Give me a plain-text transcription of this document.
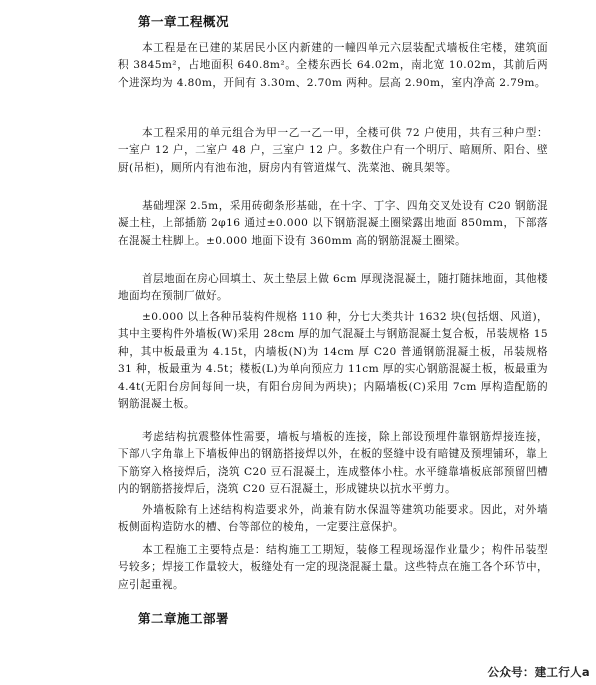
第一章工程概况

本工程是在已建的某居民小区内新建的一幢四单元六层装配式墙板住宅楼，建筑面积 3845m²，占地面积 640.8m²。全楼东西长 64.02m，南北宽 10.02m，其前后两个进深均为 4.80m，开间有 3.30m、2.70m 两种。层高 2.90m，室内净高 2.79m。

本工程采用的单元组合为甲一乙一乙一甲，全楼可供 72 户使用，共有三种户型：一室户 12 户，二室户 48 户，三室户 12 户。多数住户有一个明厅、暗厕所、阳台、壁厨(吊柜)，厕所内有池布池，厨房内有管道煤气、洗菜池、碗具架等。

基础埋深 2.5m，采用砖砌条形基础，在十字、丁字、四角交叉处设有 C20 钢筋混凝土柱，上部插筋 2φ16 通过±0.000 以下钢筋混凝土圈梁露出地面 850mm，下部落在混凝土柱脚上。±0.000 地面下设有 360mm 高的钢筋混凝土圈梁。

首层地面在房心回填土、灰土垫层上做 6cm 厚现浇混凝土，随打随抹地面，其他楼地面均在预制厂做好。

±0.000 以上各种吊装构件规格 110 种，分七大类共计 1632 块(包括烟、风道)，其中主要构件外墙板(W)采用 28cm 厚的加气混凝土与钢筋混凝土复合板，吊装规格 15 种，其中板最重为 4.15t，内墙板(N)为 14cm 厚 C20 普通钢筋混凝土板，吊装规格 31 种，板最重为 4.5t；楼板(L)为单向预应力 11cm 厚的实心钢筋混凝土板，板最重为 4.4t(无阳台房间每间一块，有阳台房间为两块)；内隔墙板(C)采用 7cm 厚构造配筋的钢筋混凝土板。

考虑结构抗震整体性需要，墙板与墙板的连接，除上部设预埋件靠钢筋焊接连接，下部八字角靠上下墙板伸出的钢筋搭接焊以外，在板的竖缝中设有暗键及预埋铺环，靠上下筋穿入格接焊后，浇筑 C20 豆石混凝土，连成整体小柱。水平缝靠墙板底部预留凹槽内的钢筋搭接焊后，浇筑 C20 豆石混凝土，形成键块以抗水平剪力。

外墙板除有上述结构构造要求外，尚兼有防水保温等建筑功能要求。因此，对外墙板侧面构造防水的槽、台等部位的棱角，一定要注意保护。

本工程施工主要特点是：结构施工工期短，装修工程现场湿作业量少；构件吊装型号较多；焊接工作量较大，板缝处有一定的现浇混凝土量。这些特点在施工各个环节中，应引起重视。

第二章施工部署
公众号：建工行人a
